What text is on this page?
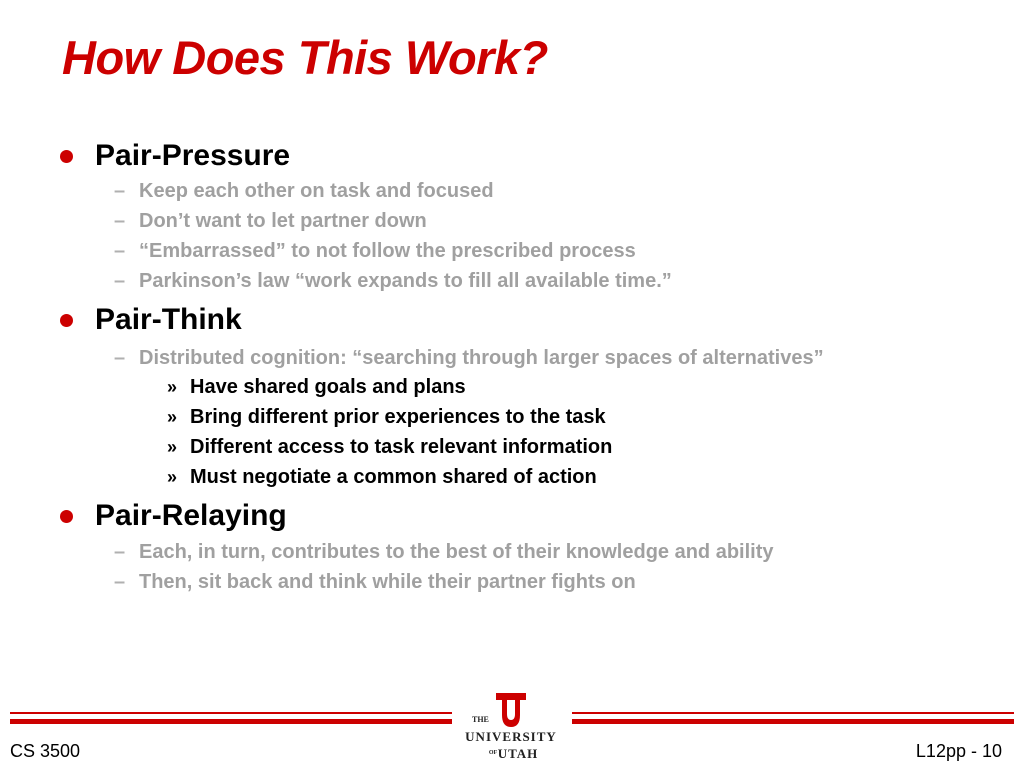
How Does This Work?
Pair-Pressure
– Keep each other on task and focused
– Don’t want to let partner down
– “Embarrassed” to not follow the prescribed process
– Parkinson’s law “work expands to fill all available time.”
Pair-Think
– Distributed cognition: “searching through larger spaces of alternatives”
» Have shared goals and plans
» Bring different prior experiences to the task
» Different access to task relevant information
» Must negotiate a common shared of action
Pair-Relaying
– Each, in turn, contributes to the best of their knowledge and ability
– Then, sit back and think while their partner fights on
THE
UNIVERSITY
OF UTAH
CS 3500	L12pp - 10
